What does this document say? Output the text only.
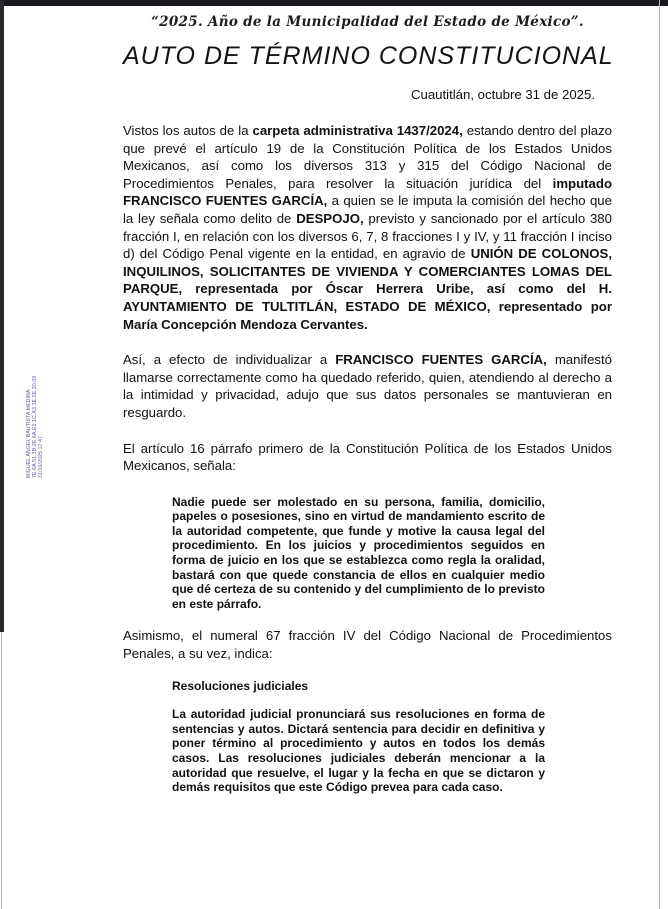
MIGUEL ANGEL BAUTISTA MEDINA 7E.6A.51.3B.2E.6A.E1.1C.A3.1E.2E.30.09 31/10/2025 17:47
“2025. Año de la Municipalidad del Estado de México”.
AUTO DE TÉRMINO CONSTITUCIONAL
Cuautitlán, octubre 31 de 2025.

Vistos los autos de la carpeta administrativa 1437/2024, estando dentro del plazo que prevé el artículo 19 de la Constitución Política de los Estados Unidos Mexicanos, así como los diversos 313 y 315 del Código Nacional de Procedimientos Penales, para resolver la situación jurídica del imputado FRANCISCO FUENTES GARCÍA, a quien se le imputa la comisión del hecho que la ley señala como delito de DESPOJO, previsto y sancionado por el artículo 380 fracción I, en relación con los diversos 6, 7, 8 fracciones I y IV, y 11 fracción I inciso d) del Código Penal vigente en la entidad, en agravio de UNIÓN DE COLONOS, INQUILINOS, SOLICITANTES DE VIVIENDA Y COMERCIANTES LOMAS DEL PARQUE, representada por Óscar Herrera Uribe, así como del H. AYUNTAMIENTO DE TULTITLÁN, ESTADO DE MÉXICO, representado por María Concepción Mendoza Cervantes.

Así, a efecto de individualizar a FRANCISCO FUENTES GARCÍA, manifestó llamarse correctamente como ha quedado referido, quien, atendiendo al derecho a la intimidad y privacidad, adujo que sus datos personales se mantuvieran en resguardo.

El artículo 16 párrafo primero de la Constitución Política de los Estados Unidos Mexicanos, señala:

Nadie puede ser molestado en su persona, familia, domicilio, papeles o posesiones, sino en virtud de mandamiento escrito de la autoridad competente, que funde y motive la causa legal del procedimiento. En los juicios y procedimientos seguidos en forma de juicio en los que se establezca como regla la oralidad, bastará con que quede constancia de ellos en cualquier medio que dé certeza de su contenido y del cumplimiento de lo previsto en este párrafo.

Asimismo, el numeral 67 fracción IV del Código Nacional de Procedimientos Penales, a su vez, indica:

Resoluciones judiciales
La autoridad judicial pronunciará sus resoluciones en forma de sentencias y autos. Dictará sentencia para decidir en definitiva y poner término al procedimiento y autos en todos los demás casos. Las resoluciones judiciales deberán mencionar a la autoridad que resuelve, el lugar y la fecha en que se dictaron y demás requisitos que este Código prevea para cada caso.
